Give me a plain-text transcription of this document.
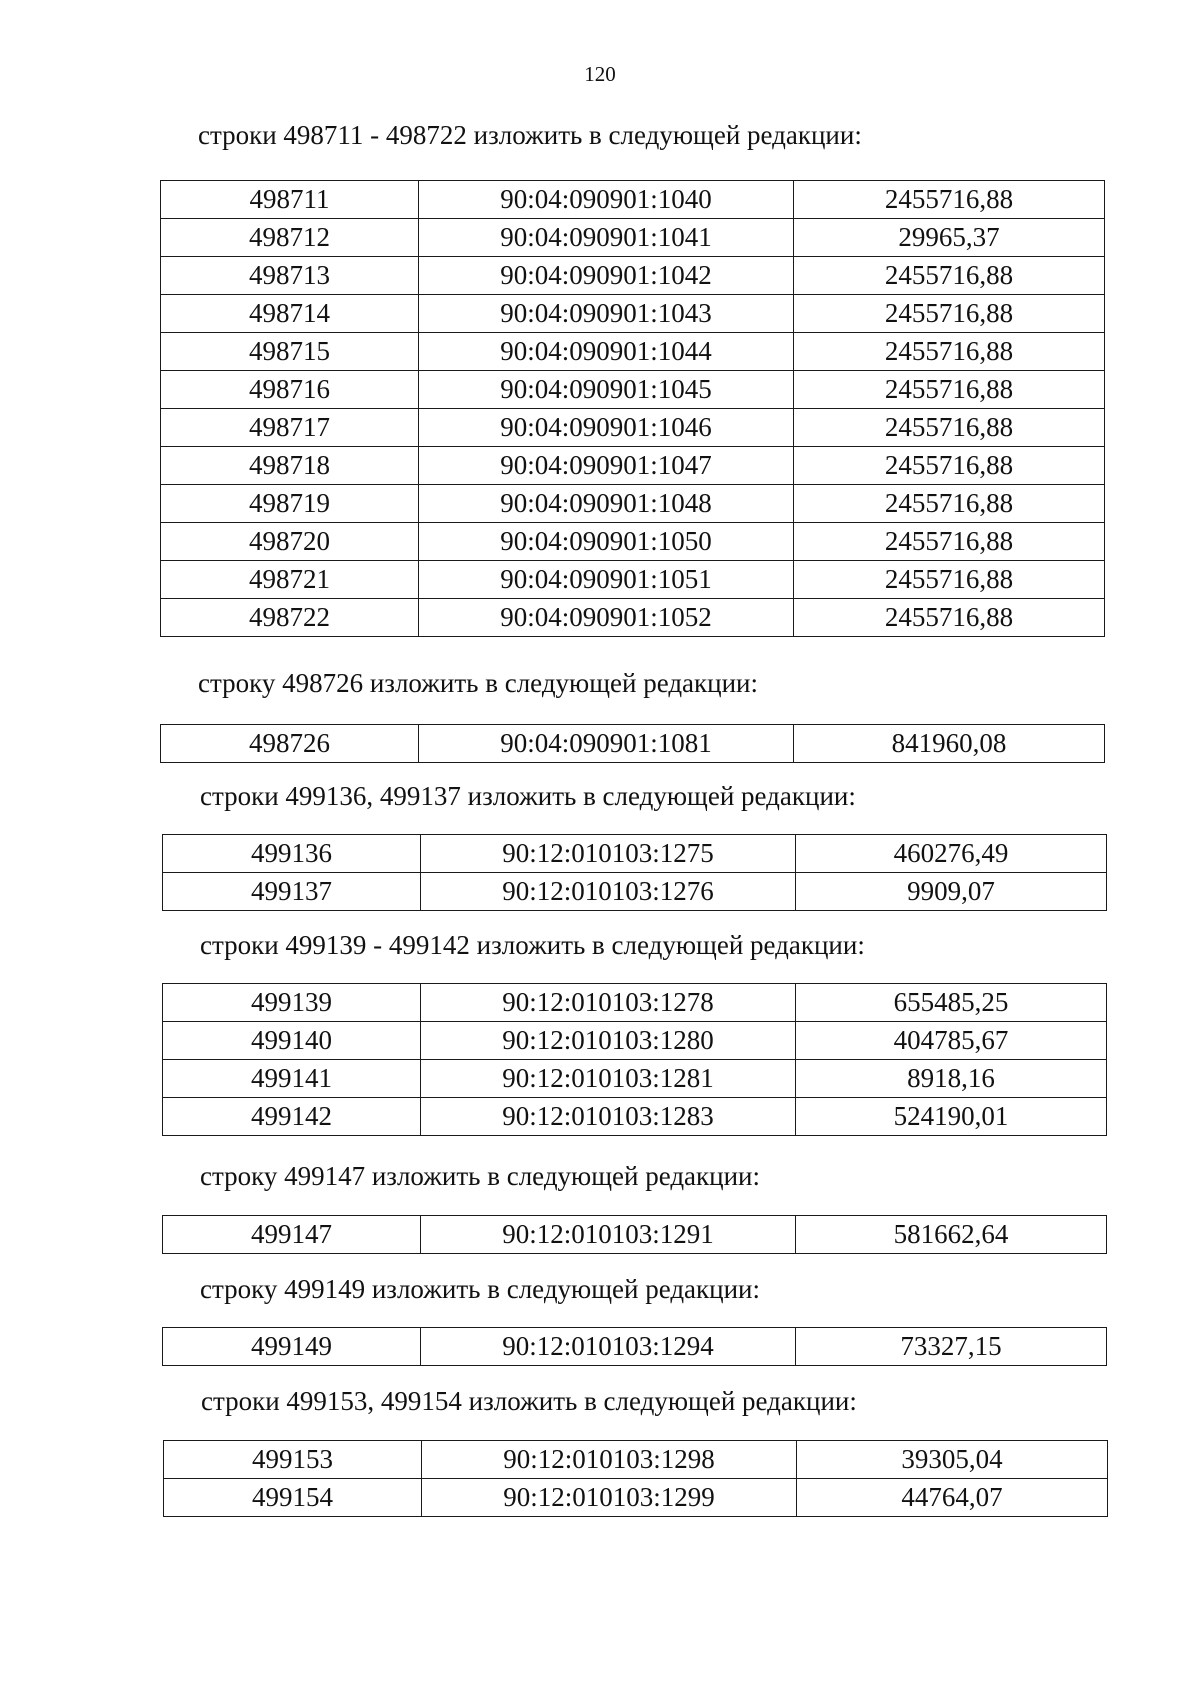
120
строки 498711 - 498722 изложить в следующей редакции:
498711	90:04:090901:1040	2455716,88
498712	90:04:090901:1041	29965,37
498713	90:04:090901:1042	2455716,88
498714	90:04:090901:1043	2455716,88
498715	90:04:090901:1044	2455716,88
498716	90:04:090901:1045	2455716,88
498717	90:04:090901:1046	2455716,88
498718	90:04:090901:1047	2455716,88
498719	90:04:090901:1048	2455716,88
498720	90:04:090901:1050	2455716,88
498721	90:04:090901:1051	2455716,88
498722	90:04:090901:1052	2455716,88
строку 498726 изложить в следующей редакции:
498726	90:04:090901:1081	841960,08
строки 499136, 499137 изложить в следующей редакции:
499136	90:12:010103:1275	460276,49
499137	90:12:010103:1276	9909,07
строки 499139 - 499142 изложить в следующей редакции:
499139	90:12:010103:1278	655485,25
499140	90:12:010103:1280	404785,67
499141	90:12:010103:1281	8918,16
499142	90:12:010103:1283	524190,01
строку 499147 изложить в следующей редакции:
499147	90:12:010103:1291	581662,64
строку 499149 изложить в следующей редакции:
499149	90:12:010103:1294	73327,15
строки 499153, 499154 изложить в следующей редакции:
499153	90:12:010103:1298	39305,04
499154	90:12:010103:1299	44764,07
